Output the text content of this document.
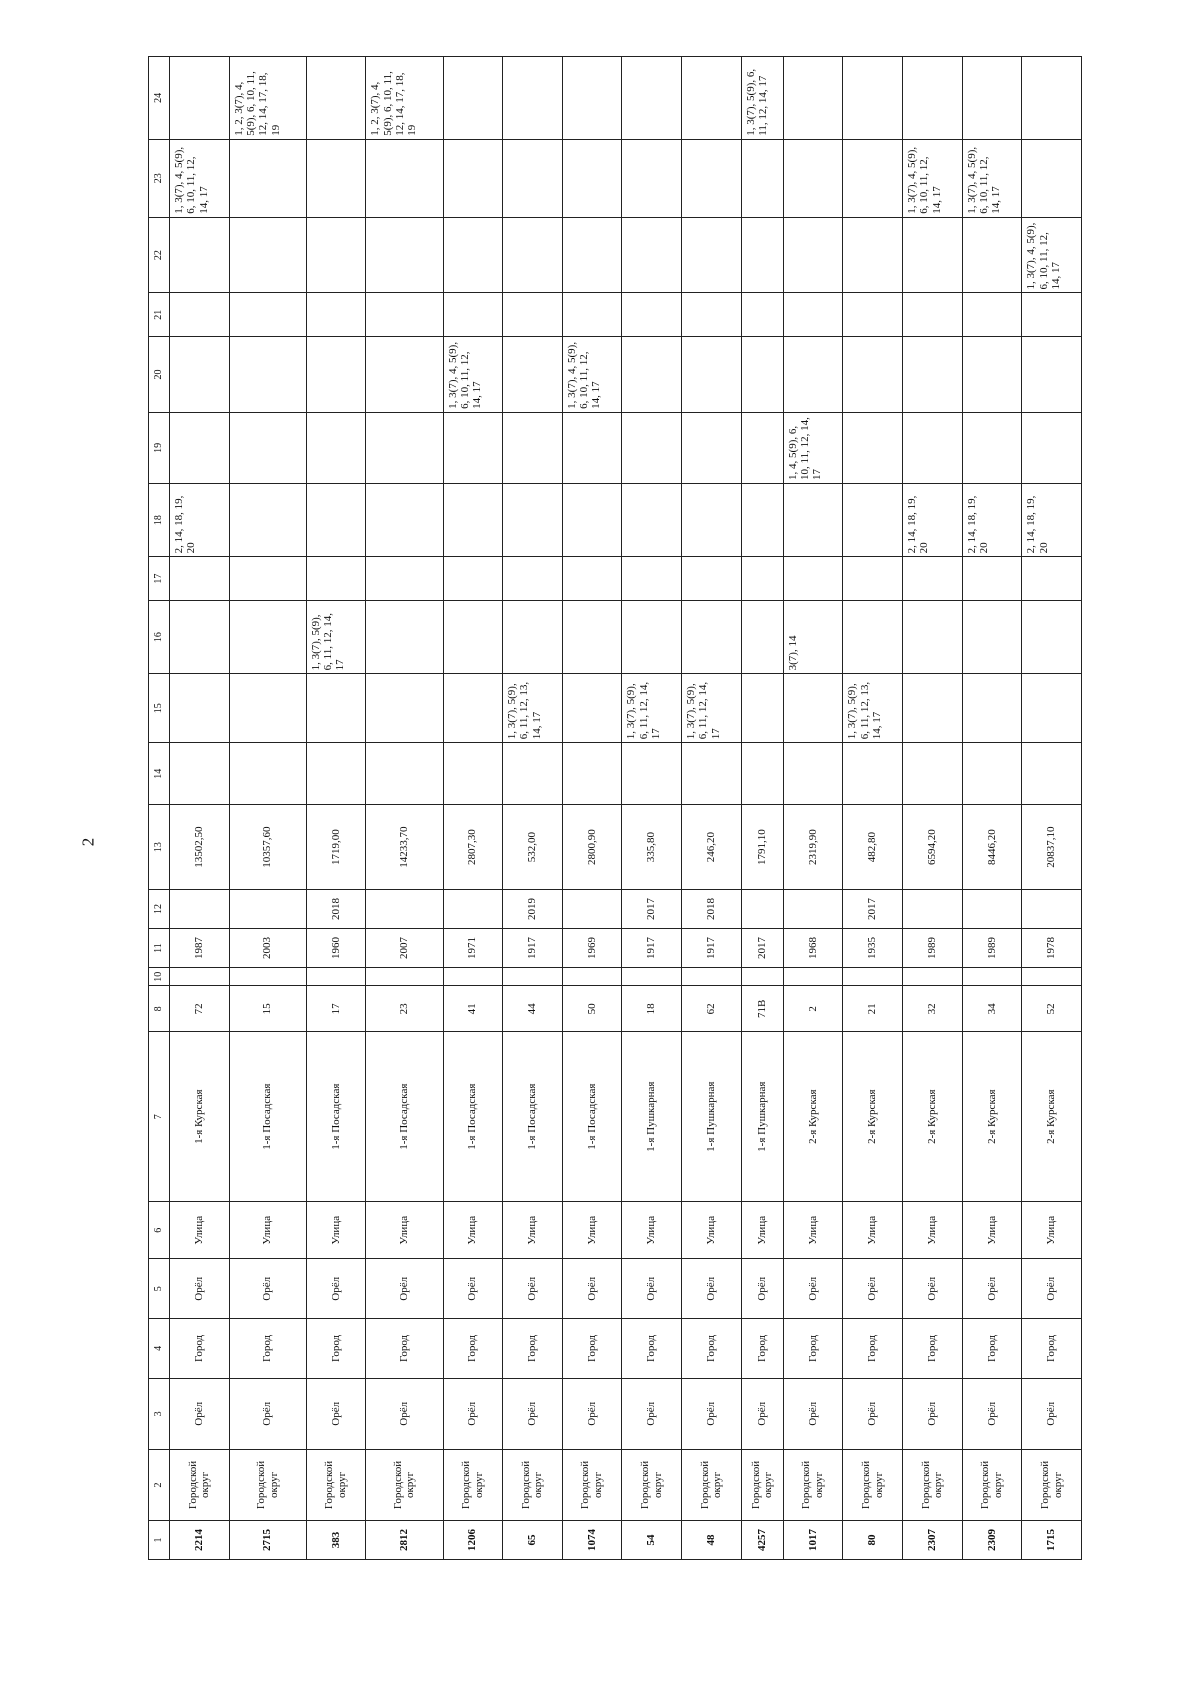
2
1	2	3	4	5	6	7	8	10	11	12	13	14	15	16	17	18	19	20	21	22	23	24
2214	Городской округ	Орёл	Город	Орёл	Улица	1-я Курская	72		1987		13502,50					2, 14, 18, 19, 20					1, 3(7), 4, 5(9), 6, 10, 11, 12, 14, 17	
2715	Городской округ	Орёл	Город	Орёл	Улица	1-я Посадская	15		2003		10357,60											1, 2, 3(7), 4, 5(9), 6, 10, 11, 12, 14, 17, 18, 19
383	Городской округ	Орёл	Город	Орёл	Улица	1-я Посадская	17		1960	2018	1719,00			1, 3(7), 5(9), 6, 11, 12, 14, 17								
2812	Городской округ	Орёл	Город	Орёл	Улица	1-я Посадская	23		2007		14233,70											1, 2, 3(7), 4, 5(9), 6, 10, 11, 12, 14, 17, 18, 19
1206	Городской округ	Орёл	Город	Орёл	Улица	1-я Посадская	41		1971		2807,30							1, 3(7), 4, 5(9), 6, 10, 11, 12, 14, 17				
65	Городской округ	Орёл	Город	Орёл	Улица	1-я Посадская	44		1917	2019	532,00		1, 3(7), 5(9), 6, 11, 12, 13, 14, 17									
1074	Городской округ	Орёл	Город	Орёл	Улица	1-я Посадская	50		1969		2800,90							1, 3(7), 4, 5(9), 6, 10, 11, 12, 14, 17				
54	Городской округ	Орёл	Город	Орёл	Улица	1-я Пушкарная	18		1917	2017	335,80		1, 3(7), 5(9), 6, 11, 12, 14, 17									
48	Городской округ	Орёл	Город	Орёл	Улица	1-я Пушкарная	62		1917	2018	246,20		1, 3(7), 5(9), 6, 11, 12, 14, 17									
4257	Городской округ	Орёл	Город	Орёл	Улица	1-я Пушкарная	71В		2017		1791,10											1, 3(7), 5(9), 6, 11, 12, 14, 17
1017	Городской округ	Орёл	Город	Орёл	Улица	2-я Курская	2		1968		2319,90			3(7), 14			1, 4, 5(9), 6, 10, 11, 12, 14, 17					
80	Городской округ	Орёл	Город	Орёл	Улица	2-я Курская	21		1935	2017	482,80		1, 3(7), 5(9), 6, 11, 12, 13, 14, 17									
2307	Городской округ	Орёл	Город	Орёл	Улица	2-я Курская	32		1989		6594,20					2, 14, 18, 19, 20					1, 3(7), 4, 5(9), 6, 10, 11, 12, 14, 17	
2309	Городской округ	Орёл	Город	Орёл	Улица	2-я Курская	34		1989		8446,20					2, 14, 18, 19, 20					1, 3(7), 4, 5(9), 6, 10, 11, 12, 14, 17	
1715	Городской округ	Орёл	Город	Орёл	Улица	2-я Курская	52		1978		20837,10					2, 14, 18, 19, 20				1, 3(7), 4, 5(9), 6, 10, 11, 12, 14, 17		
